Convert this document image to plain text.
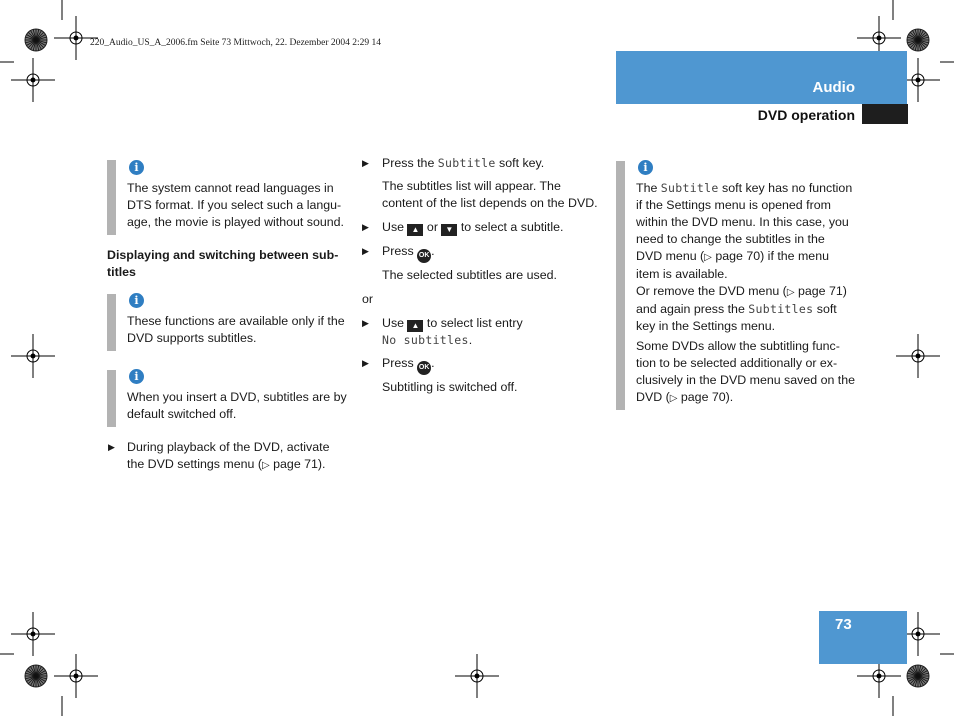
220_Audio_US_A_2006.fm Seite 73 Mittwoch, 22. Dezember 2004 2:29 14
Audio
DVD operation
i
The system cannot read languages in
DTS format. If you select such a langu-
age, the movie is played without sound.
Displaying and switching between sub-
titles
i
These functions are available only if the
DVD supports subtitles.
i
When you insert a DVD, subtitles are by
default switched off.
▶ During playback of the DVD, activate
the DVD settings menu (▷ page 71).
▶ Press the Subtitle soft key.
The subtitles list will appear. The
content of the list depends on the DVD.
▶ Use ▲ or ▼ to select a subtitle.
▶ Press OK .
The selected subtitles are used.
or
▶ Use ▲ to select list entry
No subtitles.
▶ Press OK .
Subtitling is switched off.
i
The Subtitle soft key has no function
if the Settings menu is opened from
within the DVD menu. In this case, you
need to change the subtitles in the
DVD menu (▷ page 70) if the menu
item is available.
Or remove the DVD menu (▷ page 71)
and again press the Subtitles soft
key in the Settings menu.
Some DVDs allow the subtitling func-
tion to be selected additionally or ex-
clusively in the DVD menu saved on the
DVD (▷ page 70).
73
